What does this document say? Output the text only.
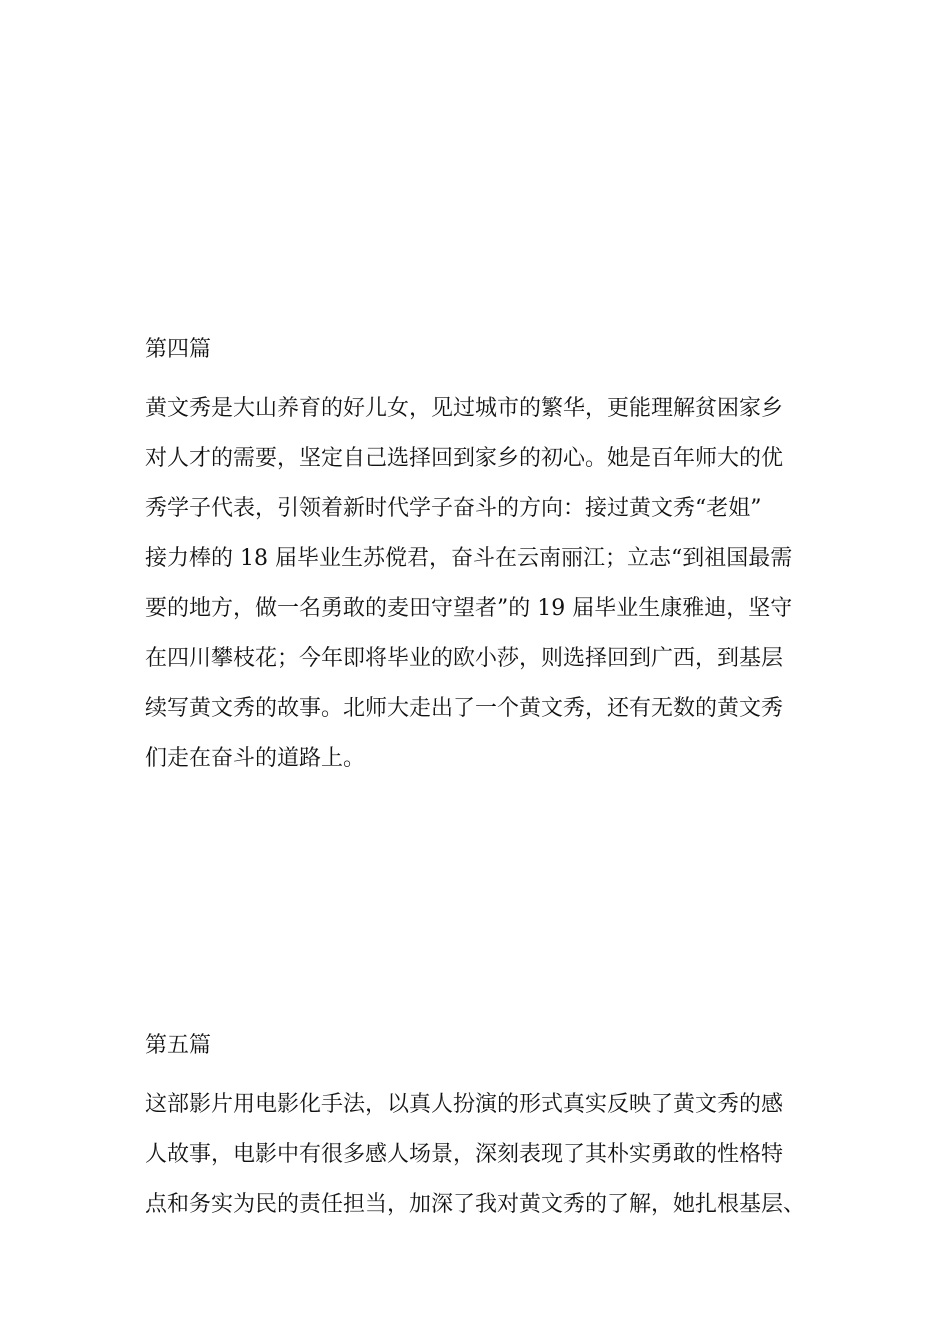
第四篇
黄文秀是大山养育的好儿女，见过城市的繁华，更能理解贫困家乡
对人才的需要，坚定自己选择回到家乡的初心。她是百年师大的优
秀学子代表，引领着新时代学子奋斗的方向：接过黄文秀“老姐”
接力棒的 18 届毕业生苏傥君，奋斗在云南丽江；立志“到祖国最需
要的地方，做一名勇敢的麦田守望者”的 19 届毕业生康雅迪，坚守
在四川攀枝花；今年即将毕业的欧小莎，则选择回到广西，到基层
续写黄文秀的故事。北师大走出了一个黄文秀，还有无数的黄文秀
们走在奋斗的道路上。
第五篇
这部影片用电影化手法，以真人扮演的形式真实反映了黄文秀的感
人故事，电影中有很多感人场景，深刻表现了其朴实勇敢的性格特
点和务实为民的责任担当，加深了我对黄文秀的了解，她扎根基层、
